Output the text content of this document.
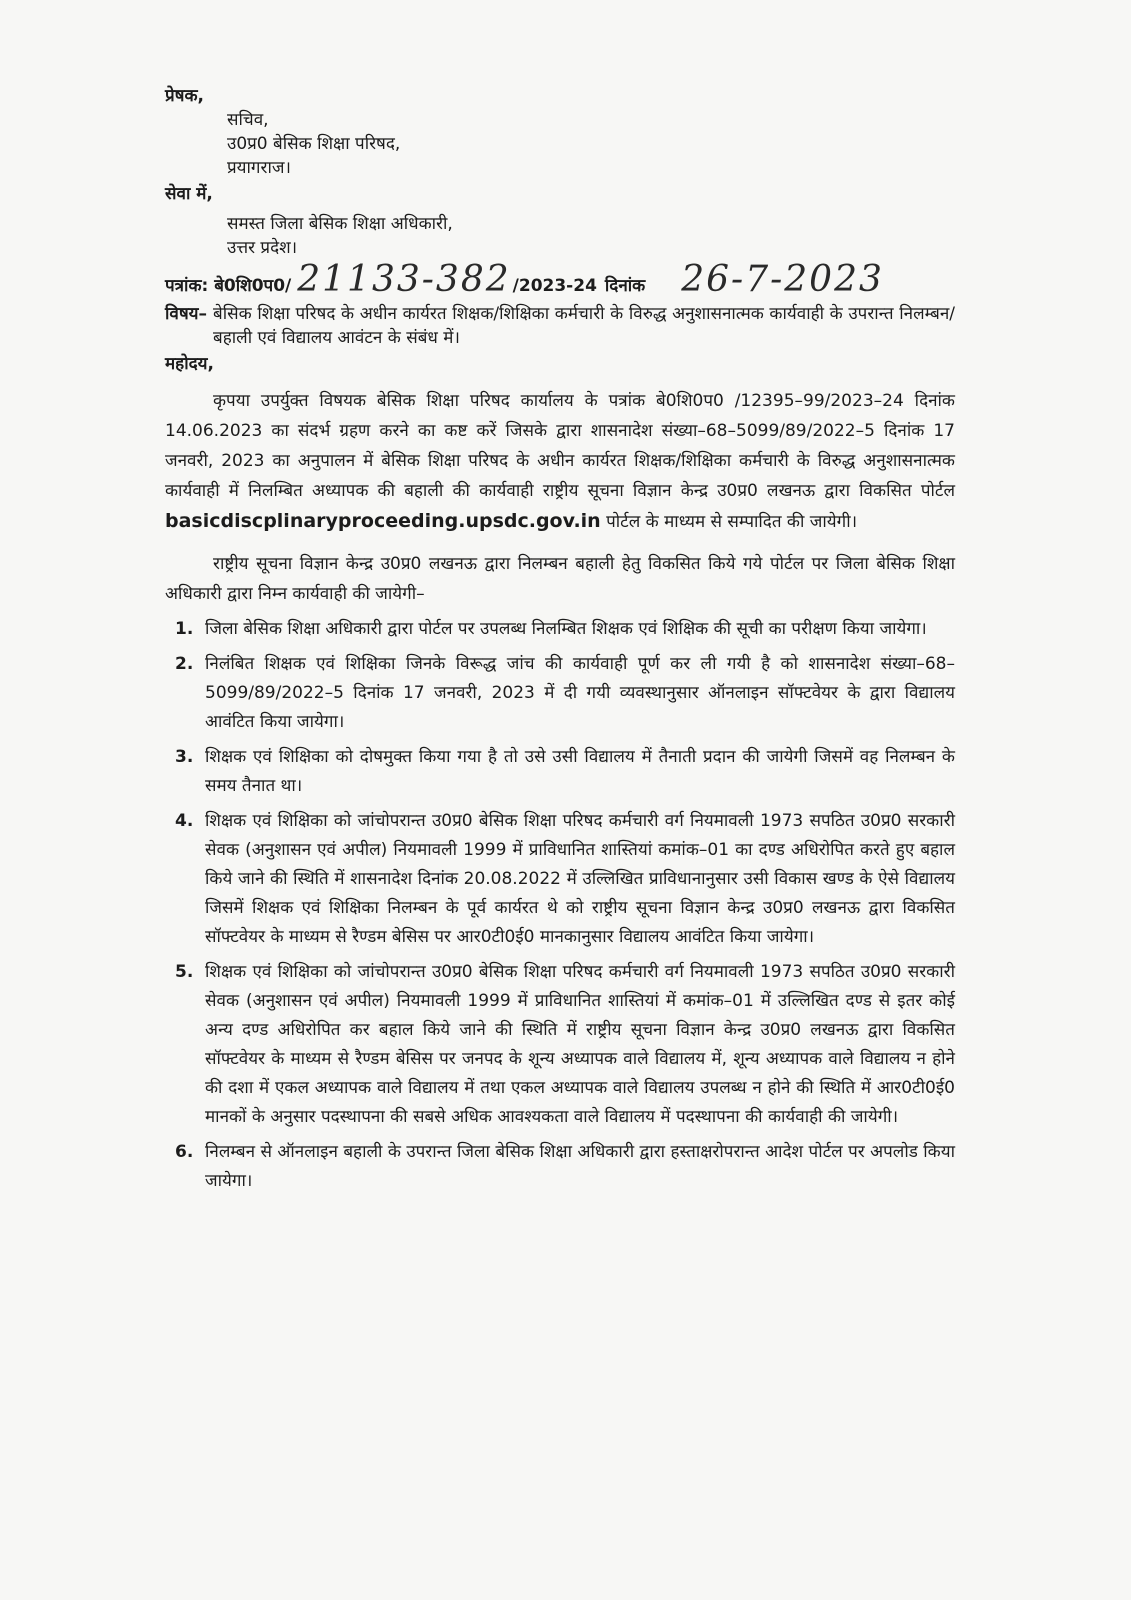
प्रेषक,
सचिव,
उ0प्र0 बेसिक शिक्षा परिषद,
प्रयागराज।
सेवा में,
समस्त जिला बेसिक शिक्षा अधिकारी,
उत्तर प्रदेश।
पत्रांक: बे0शि0प0/ 21133-382 /2023-24 दिनांक 26-7-2023
विषय– बेसिक शिक्षा परिषद के अधीन कार्यरत शिक्षक/शिक्षिका कर्मचारी के विरुद्ध अनुशासनात्मक कार्यवाही के उपरान्त निलम्बन/बहाली एवं विद्यालय आवंटन के संबंध में।
महोदय,

कृपया उपर्युक्त विषयक बेसिक शिक्षा परिषद कार्यालय के पत्रांक बे0शि0प0 /12395–99/2023–24 दिनांक 14.06.2023 का संदर्भ ग्रहण करने का कष्ट करें जिसके द्वारा शासनादेश संख्या–68–5099/89/2022–5 दिनांक 17 जनवरी, 2023 का अनुपालन में बेसिक शिक्षा परिषद के अधीन कार्यरत शिक्षक/शिक्षिका कर्मचारी के विरुद्ध अनुशासनात्मक कार्यवाही में निलम्बित अध्यापक की बहाली की कार्यवाही राष्ट्रीय सूचना विज्ञान केन्द्र उ0प्र0 लखनऊ द्वारा विकसित पोर्टल basicdiscplinaryproceeding.upsdc.gov.in पोर्टल के माध्यम से सम्पादित की जायेगी।

राष्ट्रीय सूचना विज्ञान केन्द्र उ0प्र0 लखनऊ द्वारा निलम्बन बहाली हेतु विकसित किये गये पोर्टल पर जिला बेसिक शिक्षा अधिकारी द्वारा निम्न कार्यवाही की जायेगी–

1. जिला बेसिक शिक्षा अधिकारी द्वारा पोर्टल पर उपलब्ध निलम्बित शिक्षक एवं शिक्षिक की सूची का परीक्षण किया जायेगा।
2. निलंबित शिक्षक एवं शिक्षिका जिनके विरूद्ध जांच की कार्यवाही पूर्ण कर ली गयी है को शासनादेश संख्या–68–5099/89/2022–5 दिनांक 17 जनवरी, 2023 में दी गयी व्यवस्थानुसार ऑनलाइन सॉफ्टवेयर के द्वारा विद्यालय आवंटित किया जायेगा।
3. शिक्षक एवं शिक्षिका को दोषमुक्त किया गया है तो उसे उसी विद्यालय में तैनाती प्रदान की जायेगी जिसमें वह निलम्बन के समय तैनात था।
4. शिक्षक एवं शिक्षिका को जांचोपरान्त उ0प्र0 बेसिक शिक्षा परिषद कर्मचारी वर्ग नियमावली 1973 सपठित उ0प्र0 सरकारी सेवक (अनुशासन एवं अपील) नियमावली 1999 में प्राविधानित शास्तियां कमांक–01 का दण्ड अधिरोपित करते हुए बहाल किये जाने की स्थिति में शासनादेश दिनांक 20.08.2022 में उल्लिखित प्राविधानानुसार उसी विकास खण्ड के ऐसे विद्यालय जिसमें शिक्षक एवं शिक्षिका निलम्बन के पूर्व कार्यरत थे को राष्ट्रीय सूचना विज्ञान केन्द्र उ0प्र0 लखनऊ द्वारा विकसित सॉफ्टवेयर के माध्यम से रैण्डम बेसिस पर आर0टी0ई0 मानकानुसार विद्यालय आवंटित किया जायेगा।
5. शिक्षक एवं शिक्षिका को जांचोपरान्त उ0प्र0 बेसिक शिक्षा परिषद कर्मचारी वर्ग नियमावली 1973 सपठित उ0प्र0 सरकारी सेवक (अनुशासन एवं अपील) नियमावली 1999 में प्राविधानित शास्तियां में कमांक–01 में उल्लिखित दण्ड से इतर कोई अन्य दण्ड अधिरोपित कर बहाल किये जाने की स्थिति में राष्ट्रीय सूचना विज्ञान केन्द्र उ0प्र0 लखनऊ द्वारा विकसित सॉफ्टवेयर के माध्यम से रैण्डम बेसिस पर जनपद के शून्य अध्यापक वाले विद्यालय में, शून्य अध्यापक वाले विद्यालय न होने की दशा में एकल अध्यापक वाले विद्यालय में तथा एकल अध्यापक वाले विद्यालय उपलब्ध न होने की स्थिति में आर0टी0ई0 मानकों के अनुसार पदस्थापना की सबसे अधिक आवश्यकता वाले विद्यालय में पदस्थापना की कार्यवाही की जायेगी।
6. निलम्बन से ऑनलाइन बहाली के उपरान्त जिला बेसिक शिक्षा अधिकारी द्वारा हस्ताक्षरोपरान्त आदेश पोर्टल पर अपलोड किया जायेगा।
